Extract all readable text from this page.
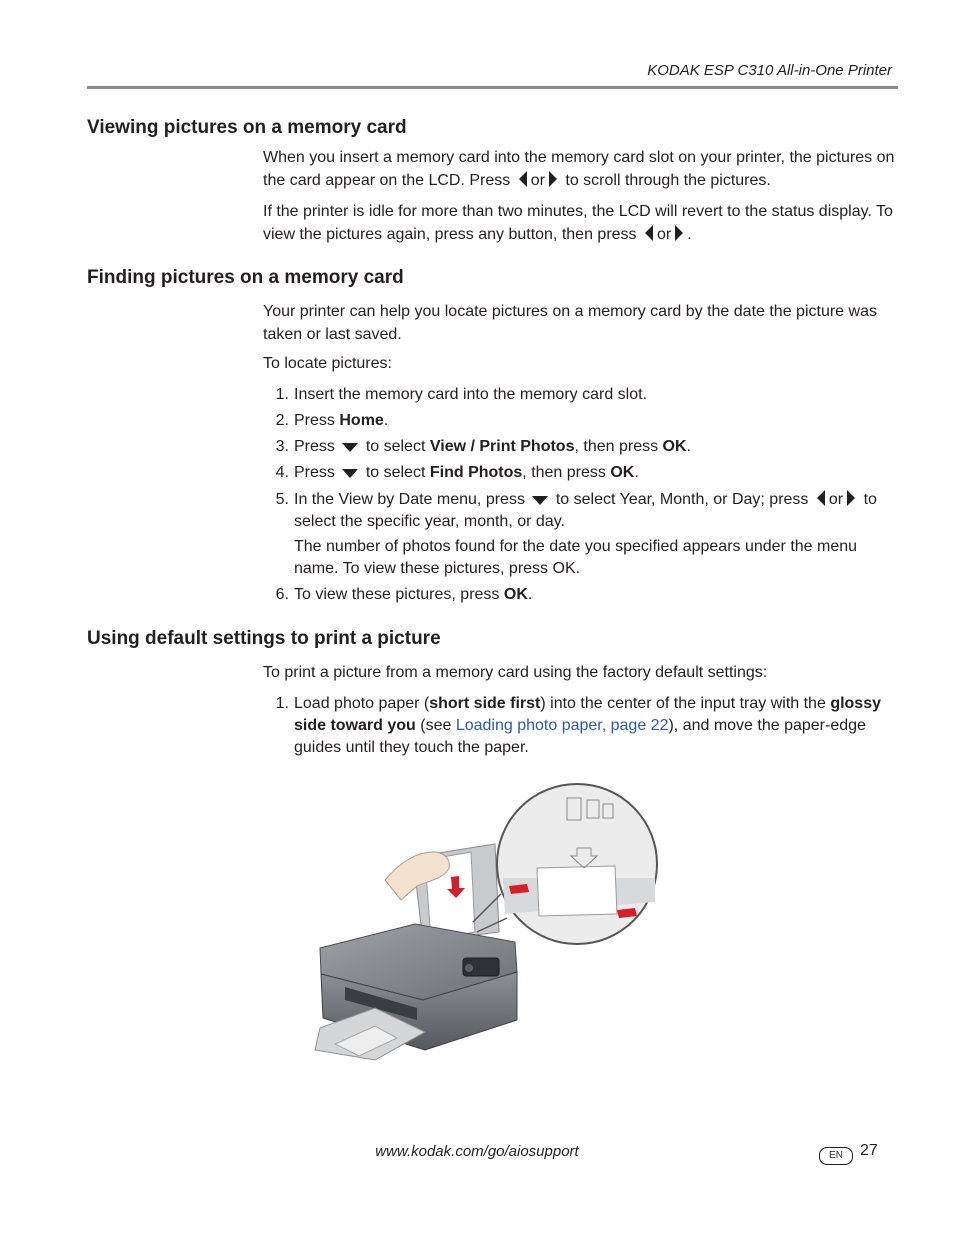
KODAK ESP C310 All-in-One Printer
Viewing pictures on a memory card

When you insert a memory card into the memory card slot on your printer, the pictures on the card appear on the LCD. Press or to scroll through the pictures.

If the printer is idle for more than two minutes, the LCD will revert to the status display. To view the pictures again, press any button, then press or .

Finding pictures on a memory card

Your printer can help you locate pictures on a memory card by the date the picture was taken or last saved.

To locate pictures:

1. Insert the memory card into the memory card slot.
2. Press Home.
3. Press to select View / Print Photos, then press OK.
4. Press to select Find Photos, then press OK.
5. In the View by Date menu, press to select Year, Month, or Day; press or to select the specific year, month, or day.
The number of photos found for the date you specified appears under the menu name. To view these pictures, press OK.
6. To view these pictures, press OK.
Using default settings to print a picture

To print a picture from a memory card using the factory default settings:

1. Load photo paper (short side first) into the center of the input tray with the glossy side toward you (see Loading photo paper, page 22), and move the paper-edge guides until they touch the paper.
www.kodak.com/go/aiosupport	EN	27
